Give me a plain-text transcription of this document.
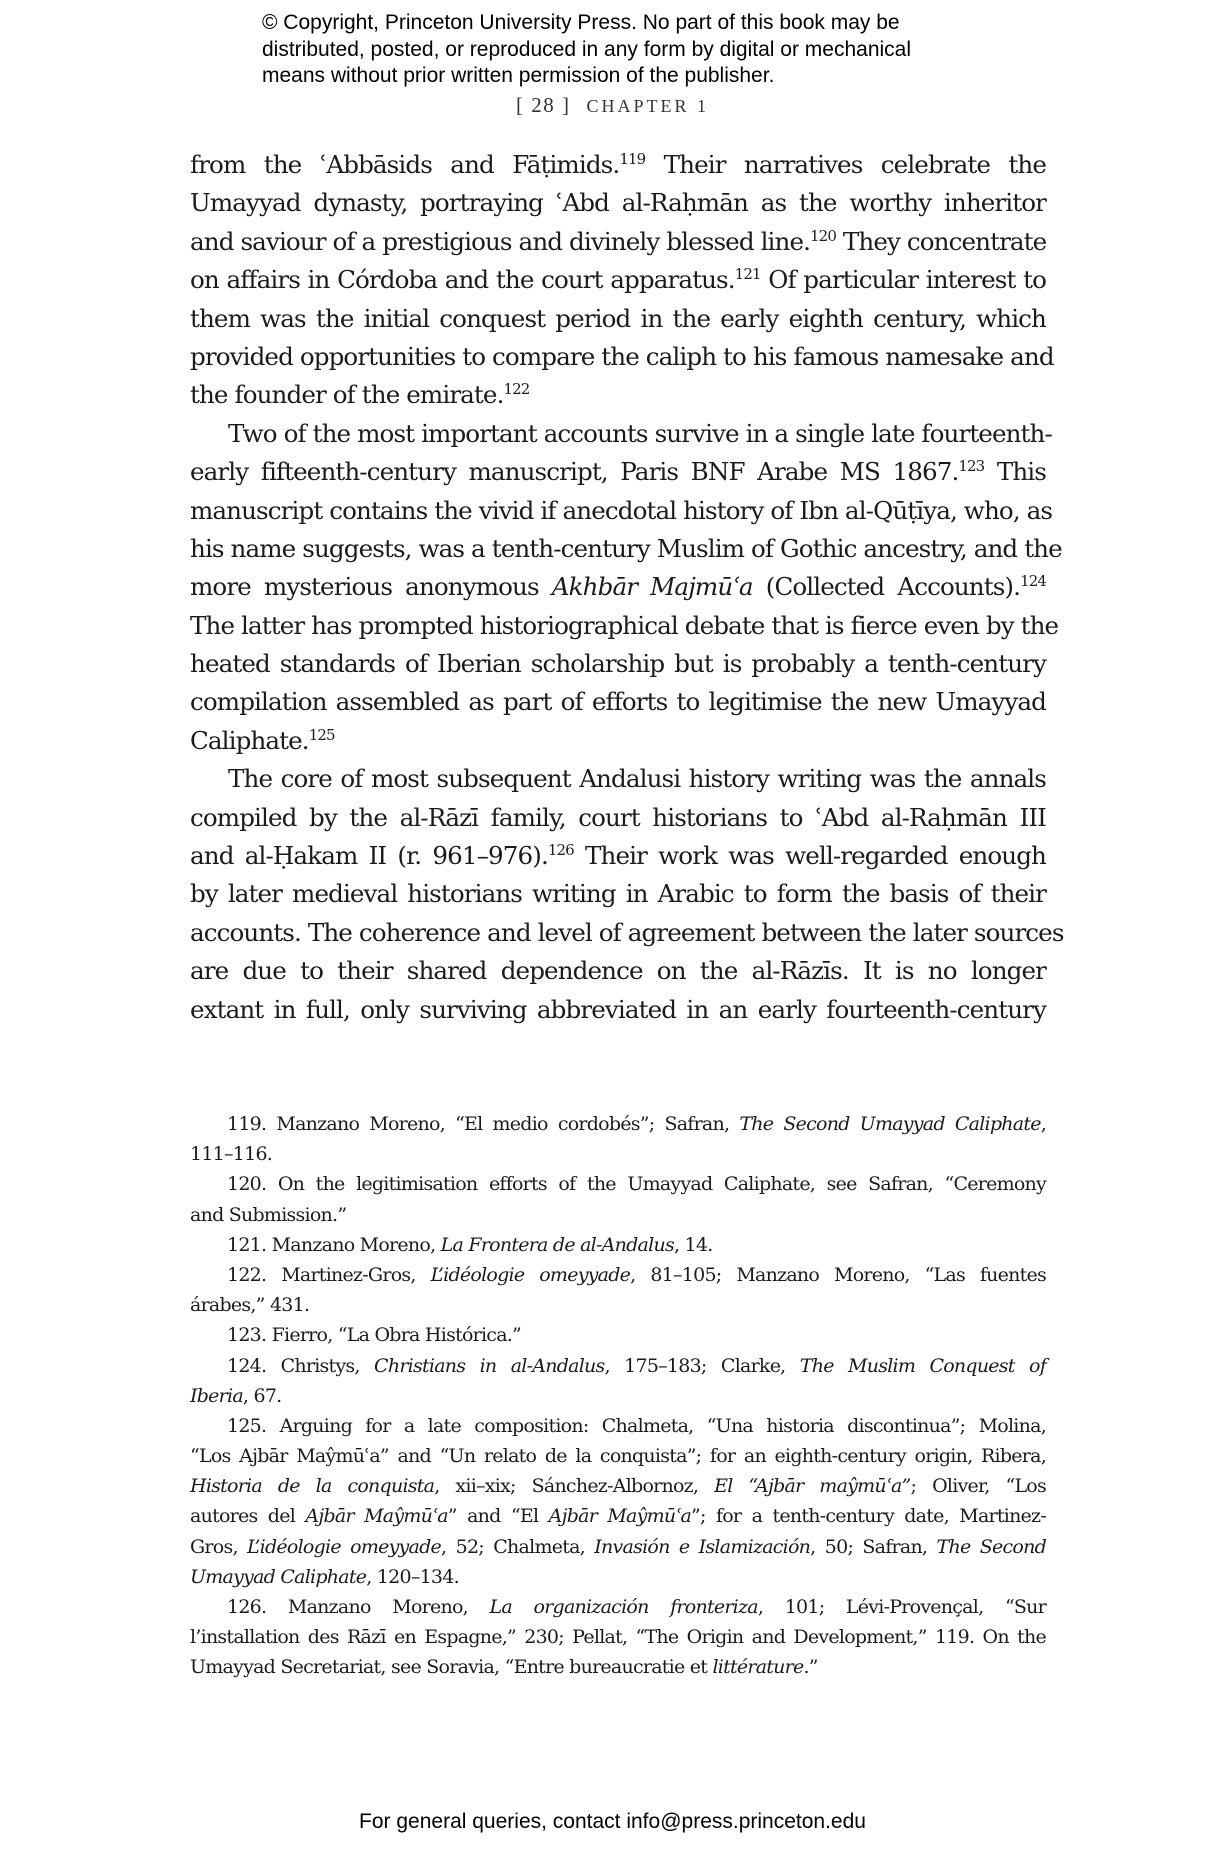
© Copyright, Princeton University Press. No part of this book may be
distributed, posted, or reproduced in any form by digital or mechanical
means without prior written permission of the publisher.
[ 28 ] CHAPTER 1
from the ʿAbbāsids and Fāṭimids.$^{119}$ Their narratives celebrate the
Umayyad dynasty, portraying ʿAbd al-Raḥmān as the worthy inheritor
and saviour of a prestigious and divinely blessed line.$^{120}$ They concentrate
on affairs in Córdoba and the court apparatus.$^{121}$ Of particular interest to
them was the initial conquest period in the early eighth century, which
provided opportunities to compare the caliph to his famous namesake and
the founder of the emirate.$^{122}$
Two of the most important accounts survive in a single late fourteenth-
early fifteenth-century manuscript, Paris BNF Arabe MS 1867.$^{123}$ This
manuscript contains the vivid if anecdotal history of Ibn al-Qūṭīya, who, as
his name suggests, was a tenth-century Muslim of Gothic ancestry, and the
more mysterious anonymous Akhbār Majmūʿa (Collected Accounts).$^{124}$
The latter has prompted historiographical debate that is fierce even by the
heated standards of Iberian scholarship but is probably a tenth-century
compilation assembled as part of efforts to legitimise the new Umayyad
Caliphate.$^{125}$
The core of most subsequent Andalusi history writing was the annals
compiled by the al-Rāzī family, court historians to ʿAbd al-Raḥmān III
and al-Ḥakam II (r. 961–976).$^{126}$ Their work was well-regarded enough
by later medieval historians writing in Arabic to form the basis of their
accounts. The coherence and level of agreement between the later sources
are due to their shared dependence on the al-Rāzīs. It is no longer
extant in full, only surviving abbreviated in an early fourteenth-century
119. Manzano Moreno, “El medio cordobés”; Safran, The Second Umayyad Caliphate,
111–116.
120. On the legitimisation efforts of the Umayyad Caliphate, see Safran, “Ceremony
and Submission.”
121. Manzano Moreno, La Frontera de al-Andalus, 14.
122. Martinez-Gros, L’idéologie omeyyade, 81–105; Manzano Moreno, “Las fuentes
árabes,” 431.
123. Fierro, “La Obra Histórica.”
124. Christys, Christians in al-Andalus, 175–183; Clarke, The Muslim Conquest of
Iberia, 67.
125. Arguing for a late composition: Chalmeta, “Una historia discontinua”; Molina,
“Los Ajbār Maŷmūʿa” and “Un relato de la conquista”; for an eighth-century origin, Ribera,
Historia de la conquista, xii–xix; Sánchez-Albornoz, El “Ajbār maŷmūʿa”; Oliver, “Los
autores del Ajbār Maŷmūʿa” and “El Ajbār Maŷmūʿa”; for a tenth-century date, Martinez-
Gros, L’idéologie omeyyade, 52; Chalmeta, Invasión e Islamización, 50; Safran, The Second
Umayyad Caliphate, 120–134.
126. Manzano Moreno, La organización fronteriza, 101; Lévi-Provençal, “Sur
l’installation des Rāzī en Espagne,” 230; Pellat, “The Origin and Development,” 119. On the
Umayyad Secretariat, see Soravia, “Entre bureaucratie et littérature.”
For general queries, contact info@press.princeton.edu
